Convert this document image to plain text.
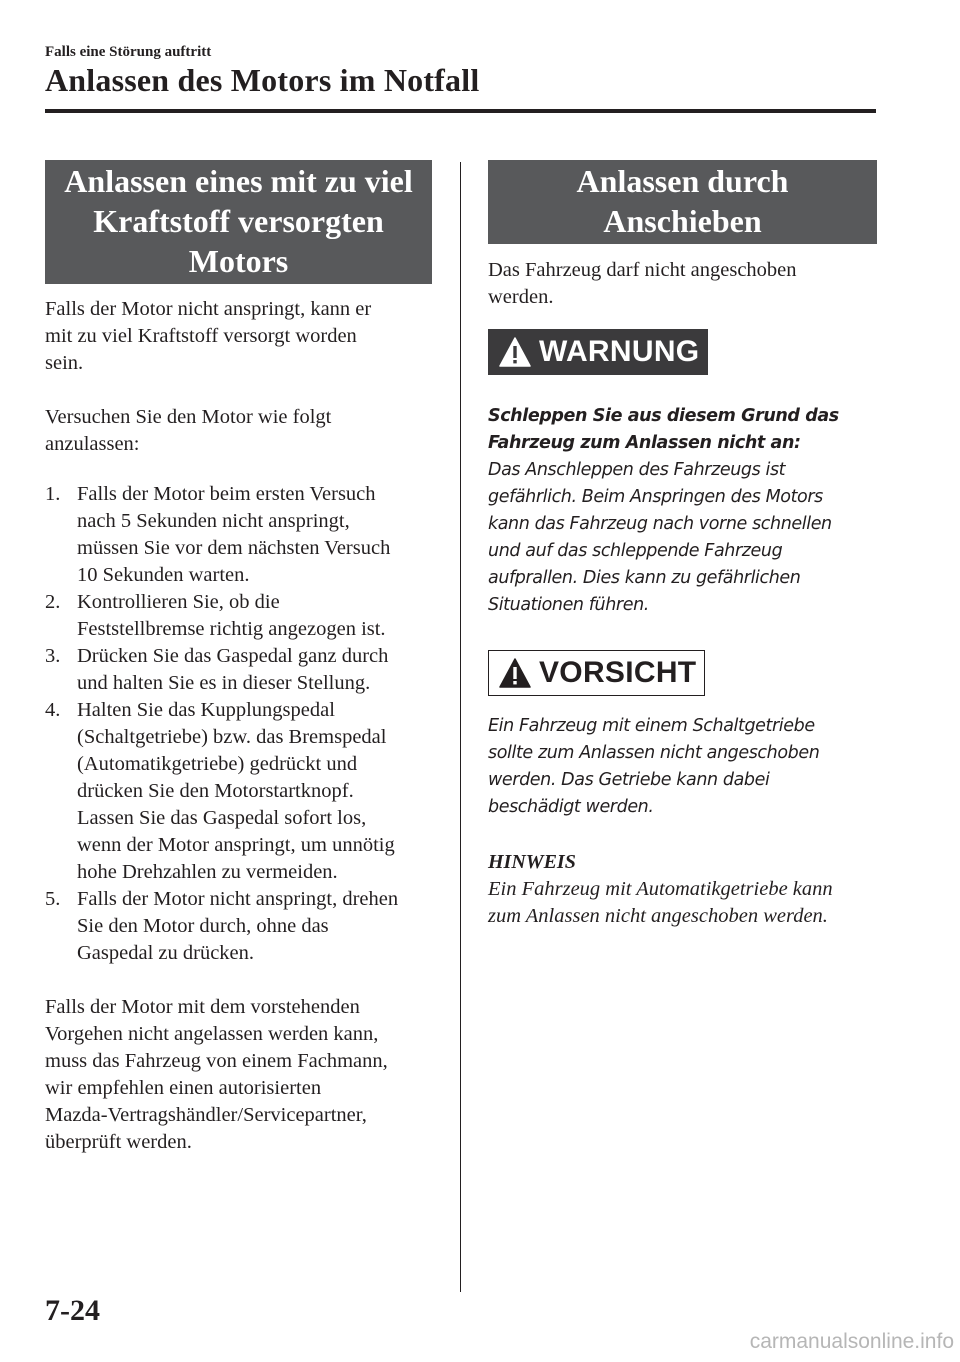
Falls eine Störung auftritt
Anlassen des Motors im Notfall
Anlassen eines mit zu viel
Kraftstoff versorgten
Motors
Falls der Motor nicht anspringt, kann er
mit zu viel Kraftstoff versorgt worden
sein.
Versuchen Sie den Motor wie folgt
anzulassen:
1. Falls der Motor beim ersten Versuch
nach 5 Sekunden nicht anspringt,
müssen Sie vor dem nächsten Versuch
10 Sekunden warten.
2. Kontrollieren Sie, ob die
Feststellbremse richtig angezogen ist.
3. Drücken Sie das Gaspedal ganz durch
und halten Sie es in dieser Stellung.
4. Halten Sie das Kupplungspedal
(Schaltgetriebe) bzw. das Bremspedal
(Automatikgetriebe) gedrückt und
drücken Sie den Motorstartknopf.
Lassen Sie das Gaspedal sofort los,
wenn der Motor anspringt, um unnötig
hohe Drehzahlen zu vermeiden.
5. Falls der Motor nicht anspringt, drehen
Sie den Motor durch, ohne das
Gaspedal zu drücken.
Falls der Motor mit dem vorstehenden
Vorgehen nicht angelassen werden kann,
muss das Fahrzeug von einem Fachmann,
wir empfehlen einen autorisierten
Mazda-Vertragshändler/Servicepartner,
überprüft werden.
Anlassen durch
Anschieben
Das Fahrzeug darf nicht angeschoben
werden.
WARNUNG
Schleppen Sie aus diesem Grund das
Fahrzeug zum Anlassen nicht an:
Das Anschleppen des Fahrzeugs ist
gefährlich. Beim Anspringen des Motors
kann das Fahrzeug nach vorne schnellen
und auf das schleppende Fahrzeug
aufprallen. Dies kann zu gefährlichen
Situationen führen.
VORSICHT
Ein Fahrzeug mit einem Schaltgetriebe
sollte zum Anlassen nicht angeschoben
werden. Das Getriebe kann dabei
beschädigt werden.
HINWEIS
Ein Fahrzeug mit Automatikgetriebe kann
zum Anlassen nicht angeschoben werden.
7-24
carmanualsonline.info
